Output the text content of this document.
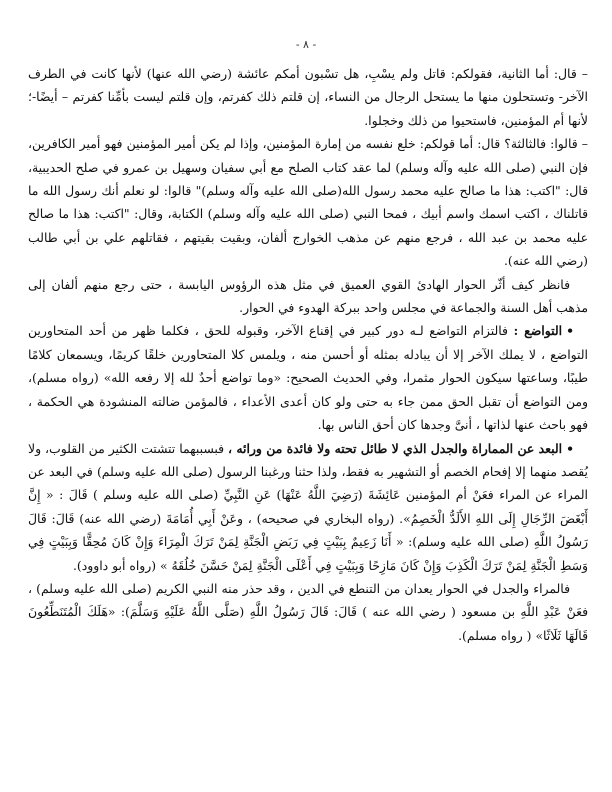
- ٨ -

– قال: أما الثانية، فقولكم: قاتل ولم يسْبِ، هل تسْبون أمكم عائشة (رضي الله عنها) لأنها كانت في الطرف الآخر- وتستحلون منها ما يستحل الرجال من النساء، إن قلتم ذلك كفرتم، وإن قلتم ليست بأمِّنا كفرتم – أيضًا-؛ لأنها أم المؤمنين، فاستحيوا من ذلك وخجلوا.

– قالوا: فالثالثة؟ قال: أما قولكم: خلع نفسه من إمارة المؤمنين، وإذا لم يكن أمير المؤمنين فهو أمير الكافرين، فإن النبي (صلى الله عليه وآله وسلم) لما عقد كتاب الصلح مع أبي سفيان وسهيل بن عمرو في صلح الحديبية، قال: "اكتب: هذا ما صالح عليه محمد رسول الله(صلى الله عليه وآله وسلم)" قالوا: لو نعلم أنك رسول الله ما قاتلناك ، اكتب اسمك واسم أبيك ، فمحا النبي (صلى الله عليه وآله وسلم) الكتابة، وقال: "اكتب: هذا ما صالح عليه محمد بن عبد الله ، فرجع منهم عن مذهب الخوارج ألفان، وبقيت بقيتهم ، فقاتلهم علي بن أبي طالب (رضي الله عنه).

فانظر كيف أثّر الحوار الهادئ القوي العميق في مثل هذه الرؤوس اليابسة ، حتى رجع منهم ألفان إلى مذهب أهل السنة والجماعة في مجلس واحد ببركة الهدوء في الحوار.

•التواضع : فالتزام التواضع لـه دور كبير في إقناع الآخر، وقبوله للحق ، فكلما ظهر من أحد المتحاورين التواضع ، لا يملك الآخر إلا أن يبادله بمثله أو أحسن منه ، ويلمس كلا المتحاورين خلقًا كريمًا، ويسمعان كلامًا طيبًا، وساعتها سيكون الحوار مثمرا، وفي الحديث الصحيح: «وما تواضع أحدٌ لله إلا رفعه الله» (رواه مسلم)، ومن التواضع أن تقبل الحق ممن جاء به حتى ولو كان أعدى الأعداء ، فالمؤمن ضالته المنشودة هي الحكمة ، فهو باحث عنها لذاتها ، أنىَّ وجدها كان أحق الناس بها.

•البعد عن المماراة والجدل الذي لا طائل تحته ولا فائدة من ورائه ، فبسببهما تتشتت الكثير من القلوب، ولا يُقصد منهما إلا إفحام الخصم أو التشهير به فقط، ولذا حثنا ورغبنا الرسول (صلى الله عليه وسلم) في البعد عن المراء عن المراء فعَنْ أم المؤمنين عَائِشَةَ (رَضِيَ اللَّهُ عَنْهَا) عَنِ النَّبِيِّ (صلى الله عليه وسلم ) قَالَ : « إِنَّ أَبْغَضَ الرِّجَالِ إِلَى اللهِ الأَلَدُّ الْخَصِمُ». (رواه البخاري في صحيحه) ، وعَنْ أَبِي أُمَامَةَ (رضي الله عنه) قَالَ: قَالَ رَسُولُ اللَّهِ (صلى الله عليه وسلم): « أَنَا زَعِيمٌ بِبَيْتٍ فِي رَبَضِ الْجَنَّةِ لِمَنْ تَرَكَ الْمِرَاءَ وَإِنْ كَانَ مُحِقًّا وَبِبَيْتٍ فِي وَسَطِ الْجَنَّةِ لِمَنْ تَرَكَ الْكَذِبَ وَإِنْ كَانَ مَازِحًا وَبِبَيْتٍ فِي أَعْلَى الْجَنَّةِ لِمَنْ حَسَّنَ خُلُقَهُ » (رواه أبو داوود).

فالمراء والجدل في الحوار يعدان من التنطع في الدين ، وقد حذر منه النبي الكريم (صلى الله عليه وسلم) ، فعَنْ عَبْدِ اللَّهِ بن مسعود ( رضي الله عنه ) قَالَ: قَالَ رَسُولُ اللَّهِ (صَلَّى اللَّهُ عَلَيْهِ وَسَلَّمَ): «هَلَكَ الْمُتَنَطِّعُونَ قَالَهَا ثَلَاثًا» ( رواه مسلم).
